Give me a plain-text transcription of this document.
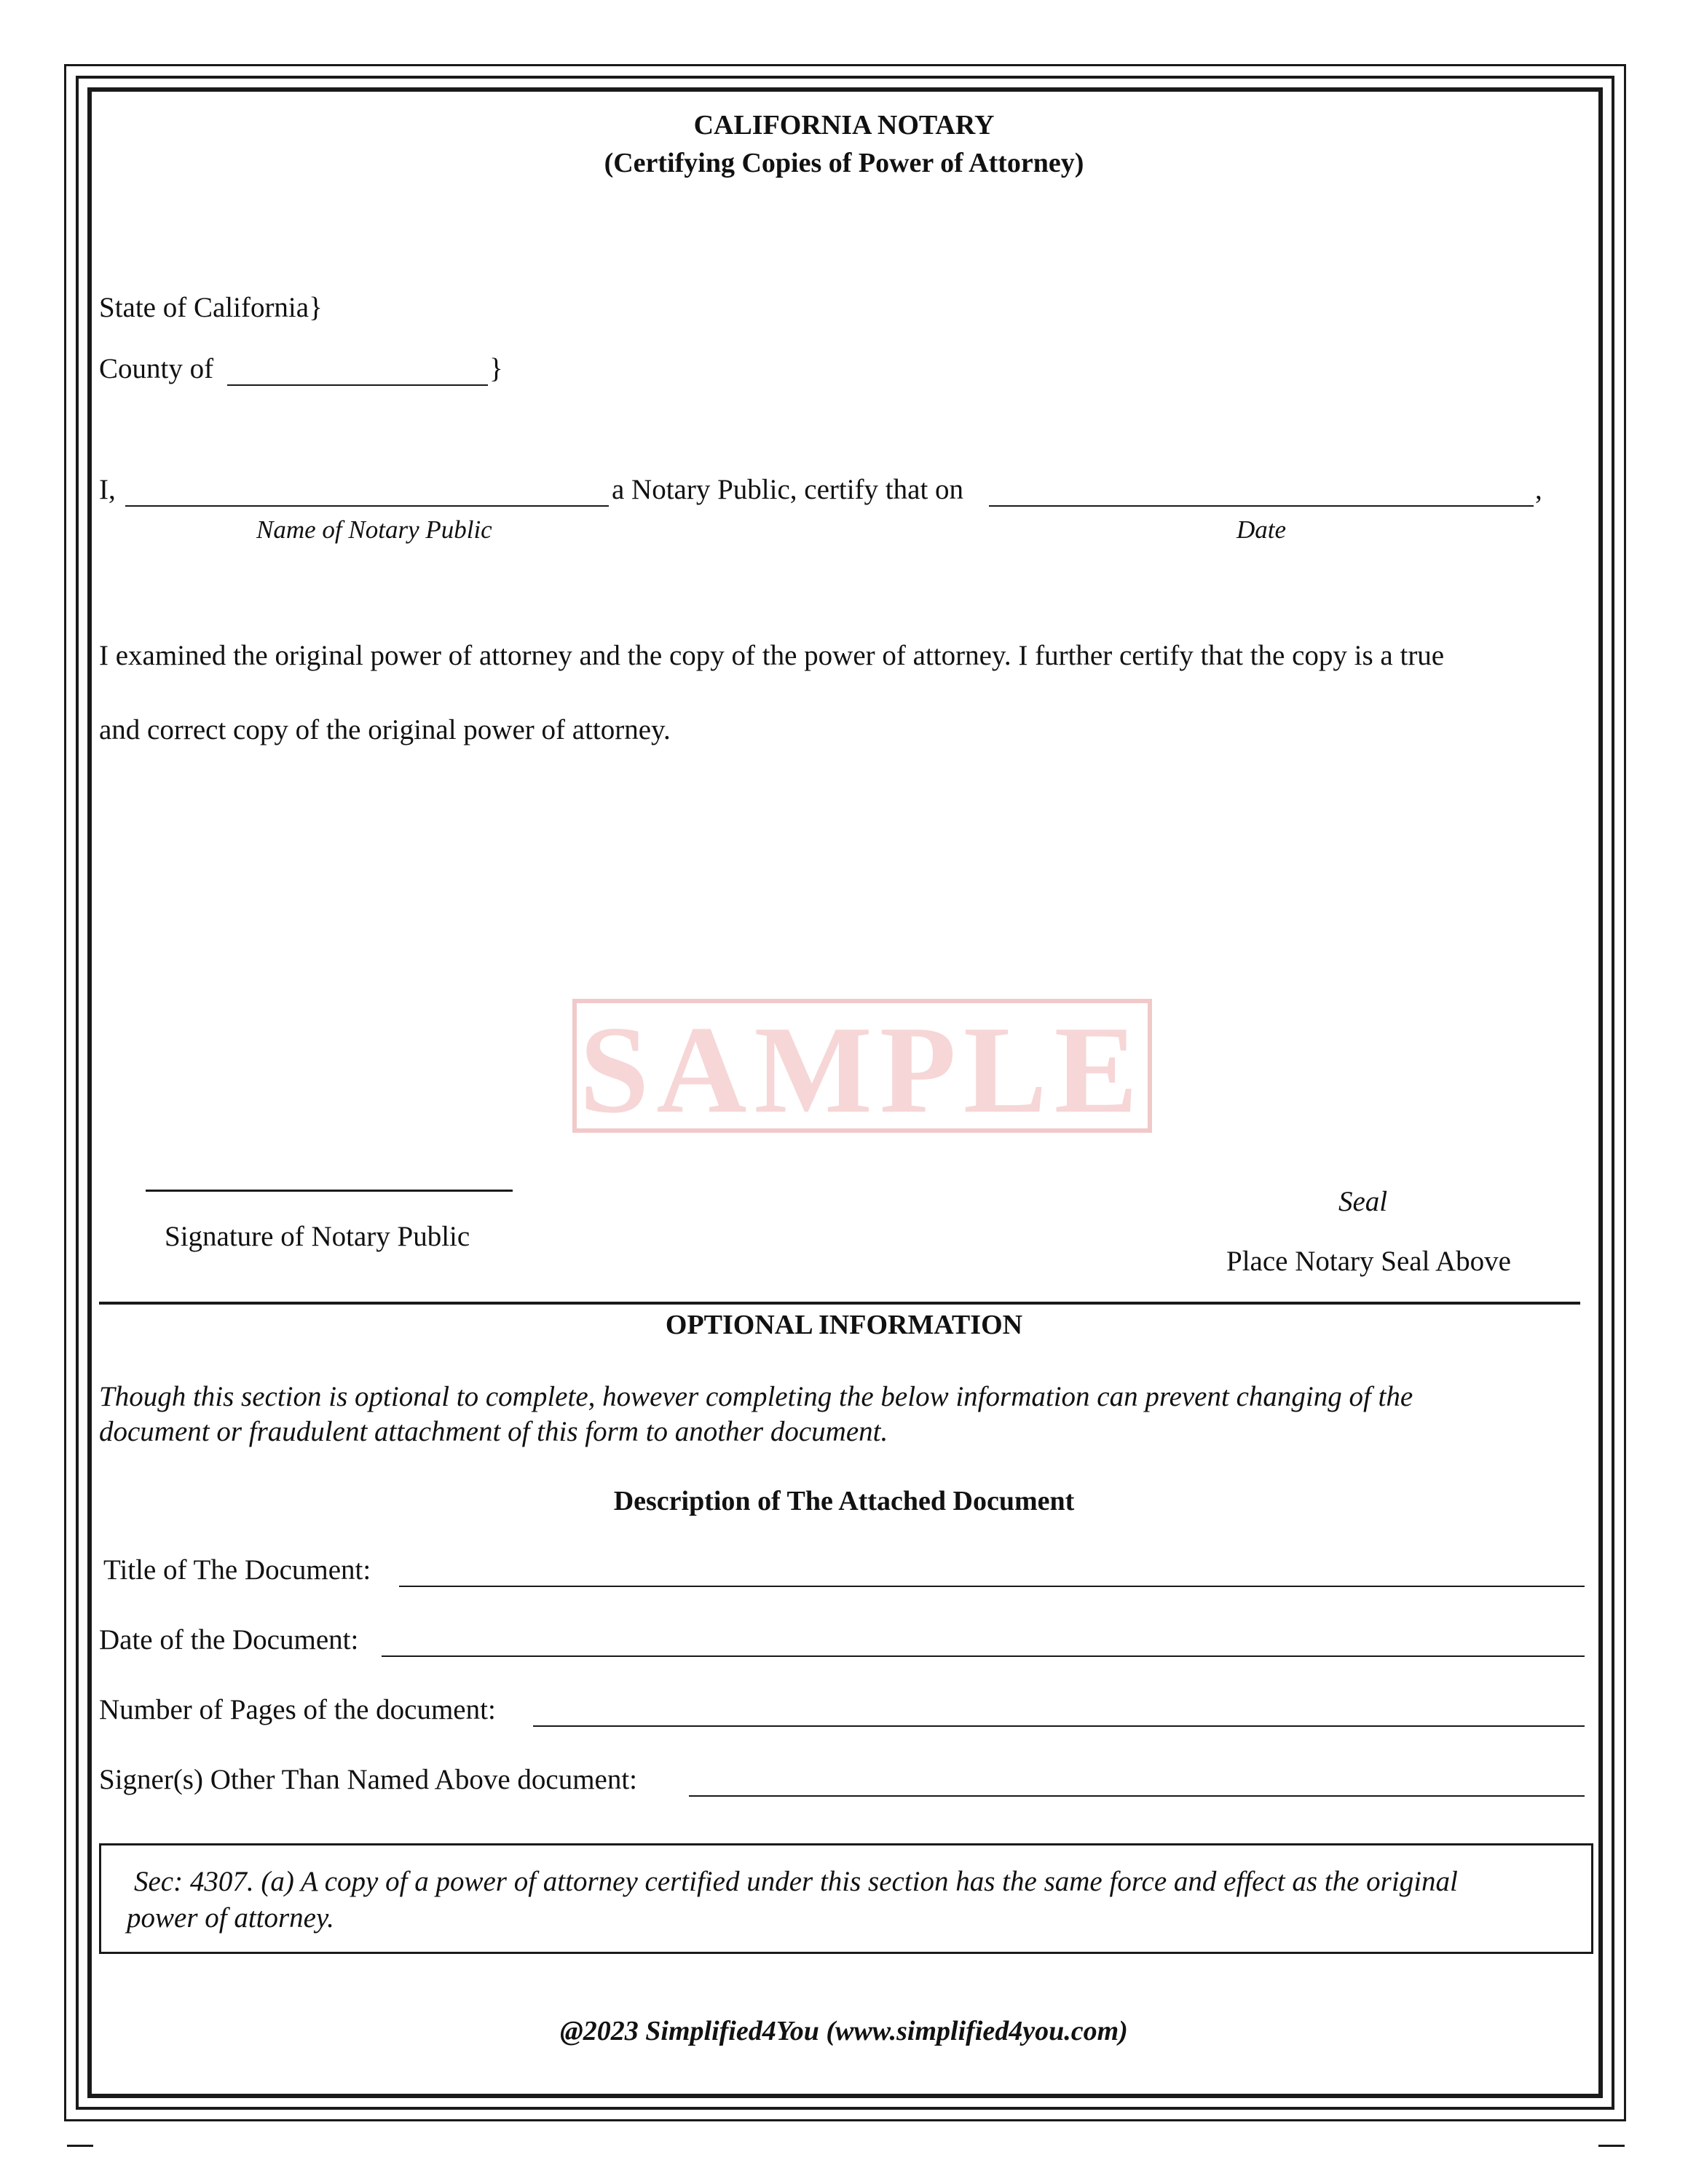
CALIFORNIA NOTARY
(Certifying Copies of Power of Attorney)
State of California}
County of	}
I,	a Notary Public, certify that on	,
Name of Notary Public	Date
I examined the original power of attorney and the copy of the power of attorney. I further certify that the copy is a true
and correct copy of the original power of attorney.
SAMPLE
Signature of Notary Public
Seal
Place Notary Seal Above
OPTIONAL INFORMATION
Though this section is optional to complete, however completing the below information can prevent changing of the
document or fraudulent attachment of this form to another document.
Description of The Attached Document
Title of The Document:
Date of the Document:
Number of Pages of the document:
Signer(s) Other Than Named Above document:
Sec: 4307. (a) A copy of a power of attorney certified under this section has the same force and effect as the original
power of attorney.
@2023 Simplified4You (www.simplified4you.com)
